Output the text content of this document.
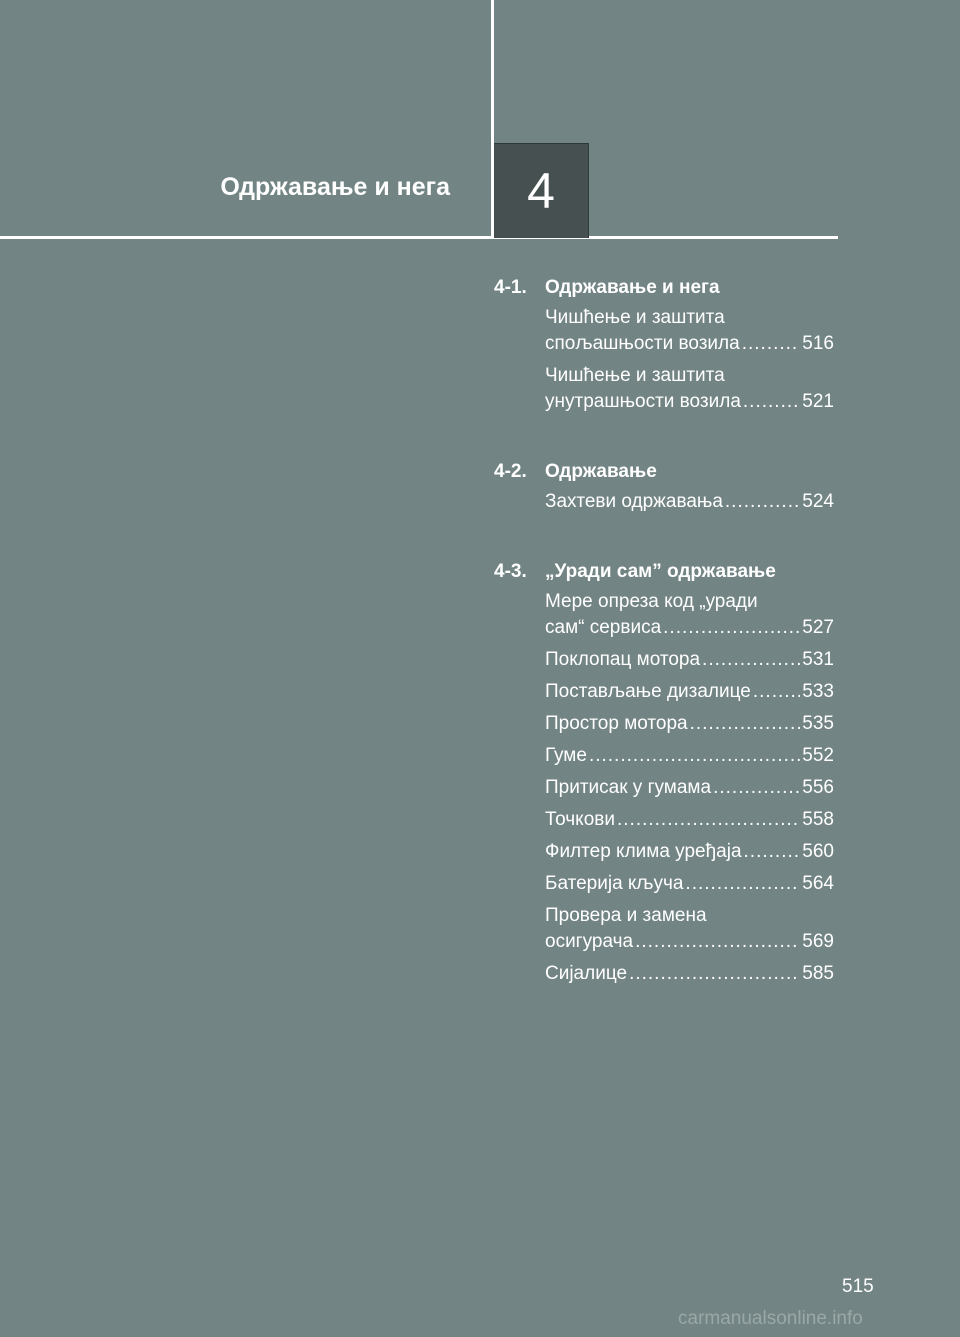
Одржавање и нега 4
4-1. Одржавање и нега
Чишћење и заштита
спољашњости возила .....	516
Чишћење и заштита
унутрашњости возила .....	521
4-2. Одржавање
Захтеви одржавања .....	524
4-3. „Уради сам” одржавање
Мере опреза код „уради
сам“ сервиса .....	527
Поклопац мотора .....	531
Постављање дизалице .....	533
Простор мотора .....	535
Гуме .....	552
Притисак у гумама .....	556
Точкови .....	558
Филтер клима уређаја .....	560
Батерија кључа .....	564
Провера и замена
осигурача .....	569
Сијалице .....	585
515
carmanualsonline.info
